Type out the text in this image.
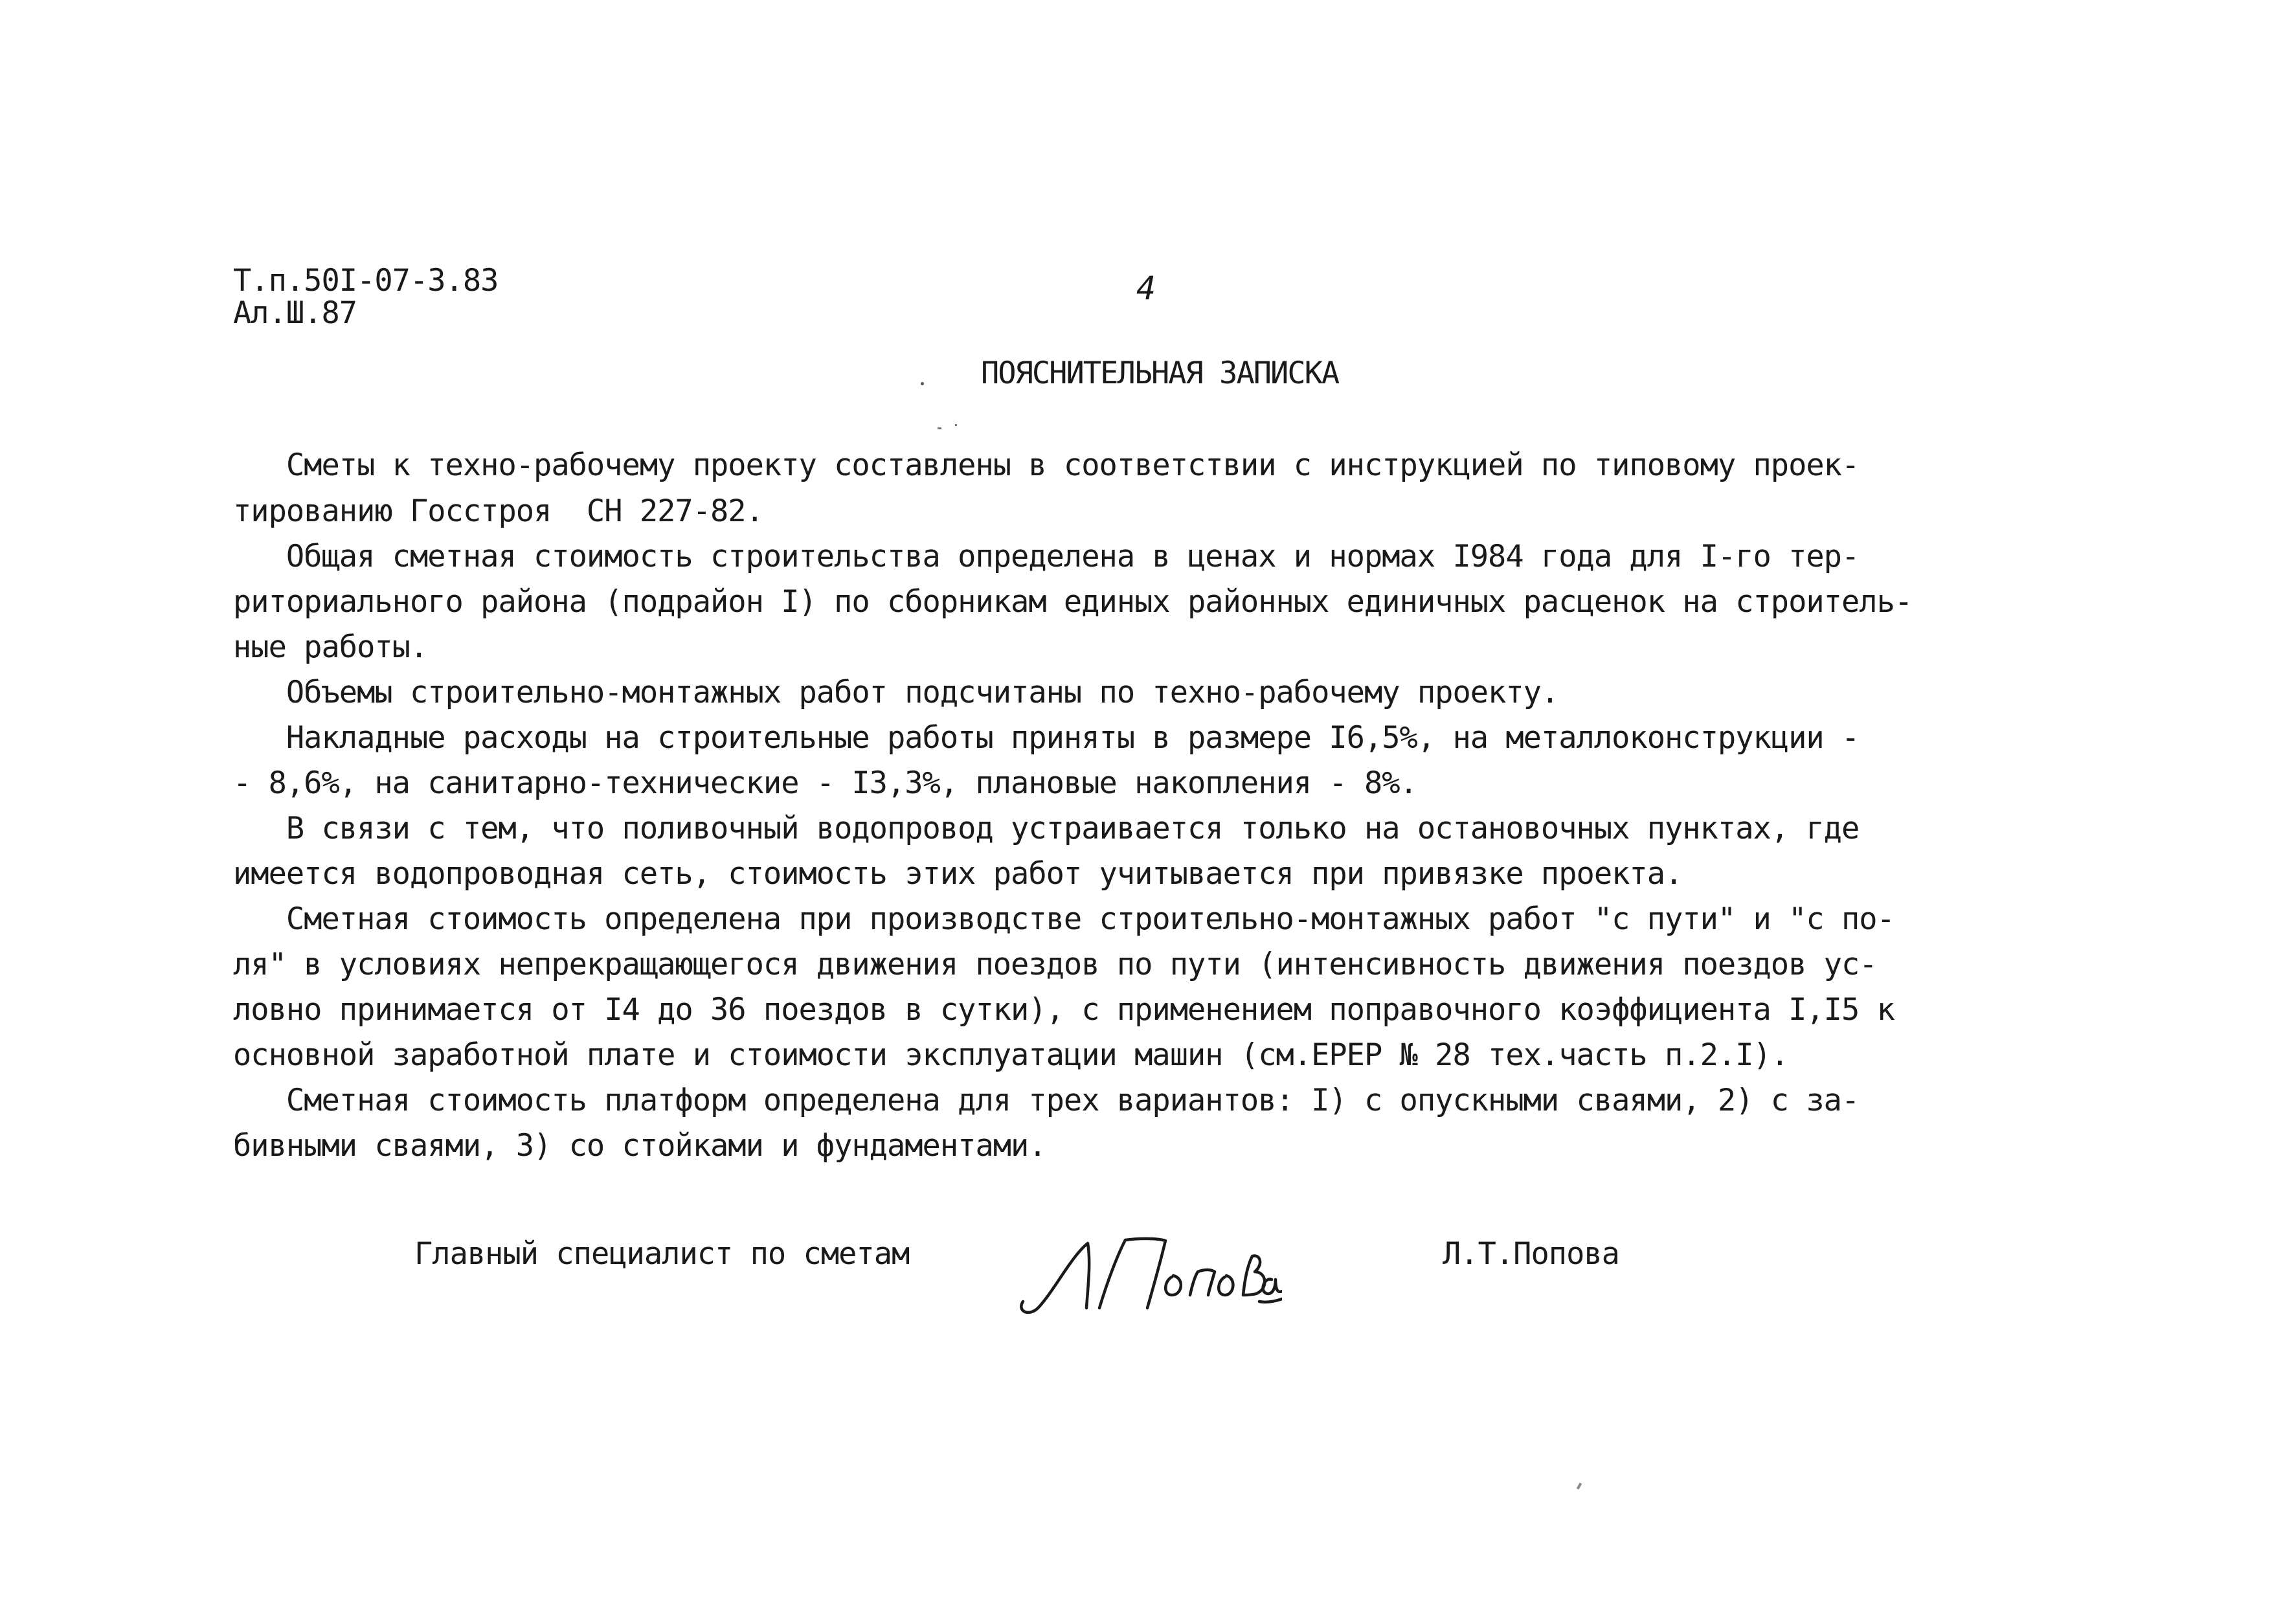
Т.п.50I-07-3.83
Ал.Ш.87
4
ПОЯСНИТЕЛЬНАЯ ЗАПИСКА
Сметы к техно-рабочему проекту составлены в соответствии с инструкцией по типовому проек-
тированию Госстроя  СН 227-82.
Общая сметная стоимость строительства определена в ценах и нормах I984 года для I-го тер-
риториального района (подрайон I) по сборникам единых районных единичных расценок на строитель-
ные работы.
Объемы строительно-монтажных работ подсчитаны по техно-рабочему проекту.
Накладные расходы на строительные работы приняты в размере I6,5%, на металлоконструкции -
- 8,6%, на санитарно-технические - I3,3%, плановые накопления - 8%.
В связи с тем, что поливочный водопровод устраивается только на остановочных пунктах, где
имеется водопроводная сеть, стоимость этих работ учитывается при привязке проекта.
Сметная стоимость определена при производстве строительно-монтажных работ "с пути" и "с по-
ля" в условиях непрекращающегося движения поездов по пути (интенсивность движения поездов ус-
ловно принимается от I4 до 36 поездов в сутки), с применением поправочного коэффициента I,I5 к
основной заработной плате и стоимости эксплуатации машин (см.ЕРЕР № 28 тех.часть п.2.I).
Сметная стоимость платформ определена для трех вариантов: I) с опускными сваями, 2) с за-
бивными сваями, 3) со стойками и фундаментами.
Главный специалист по сметам	Л.Т.Попова
